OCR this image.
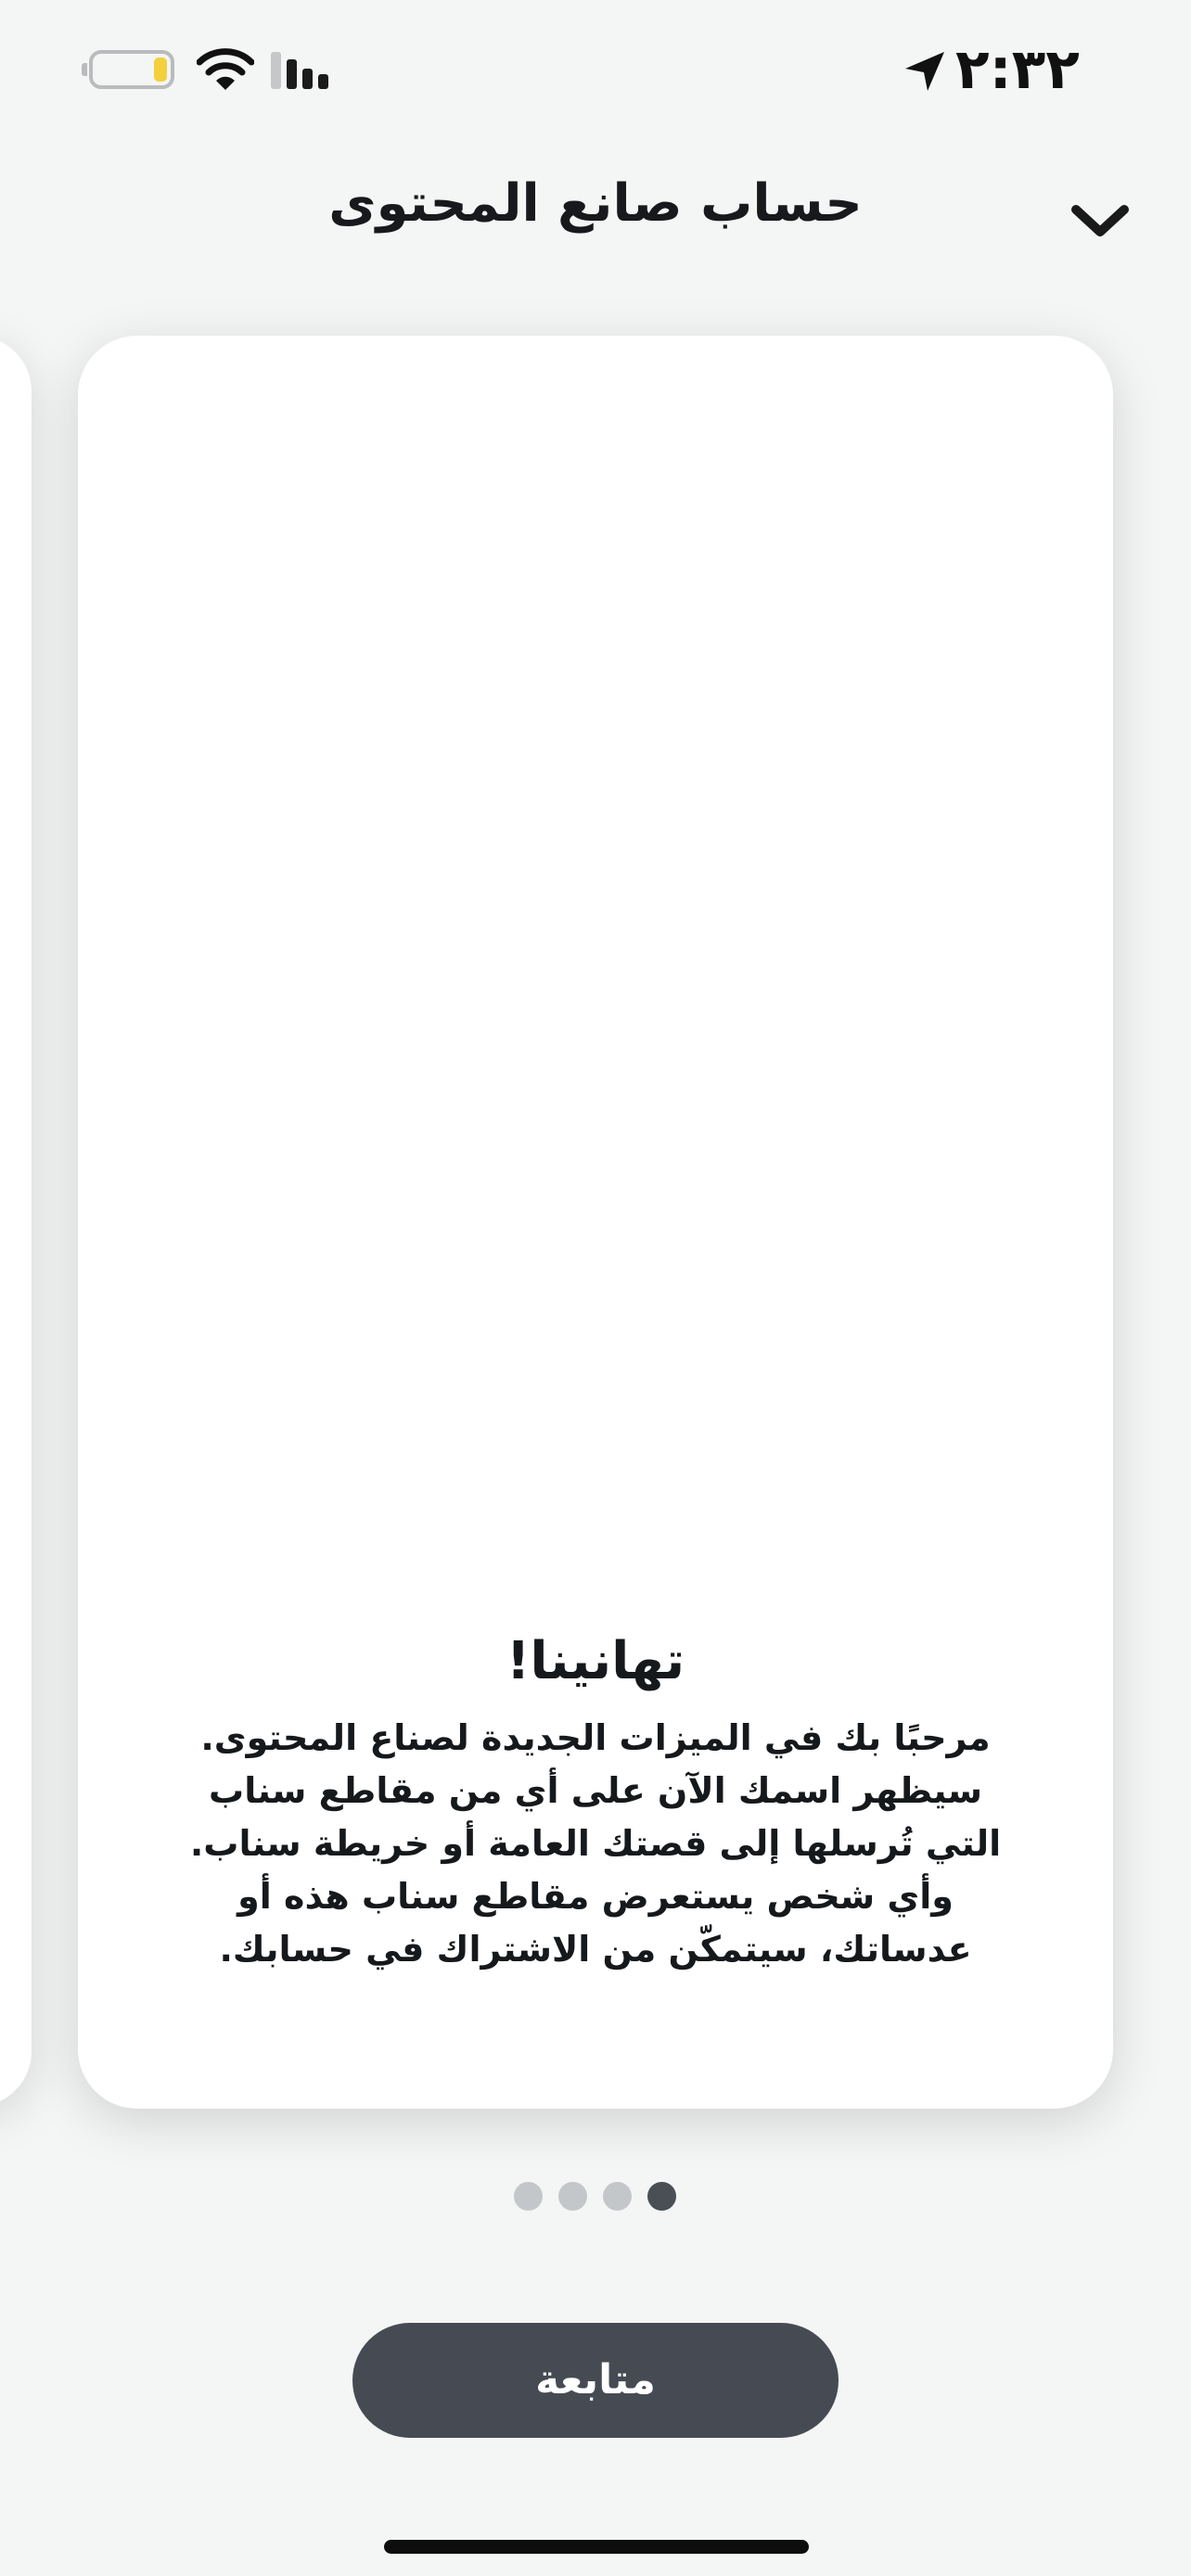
٢:٣٢
حساب صانع المحتوى
تهانينا!
مرحبًا بك في الميزات الجديدة لصناع المحتوى. سيظهر اسمك الآن على أي من مقاطع سناب التي تُرسلها إلى قصتك العامة أو خريطة سناب. وأي شخص يستعرض مقاطع سناب هذه أو عدساتك، سيتمكّن من الاشتراك في حسابك.
متابعة
